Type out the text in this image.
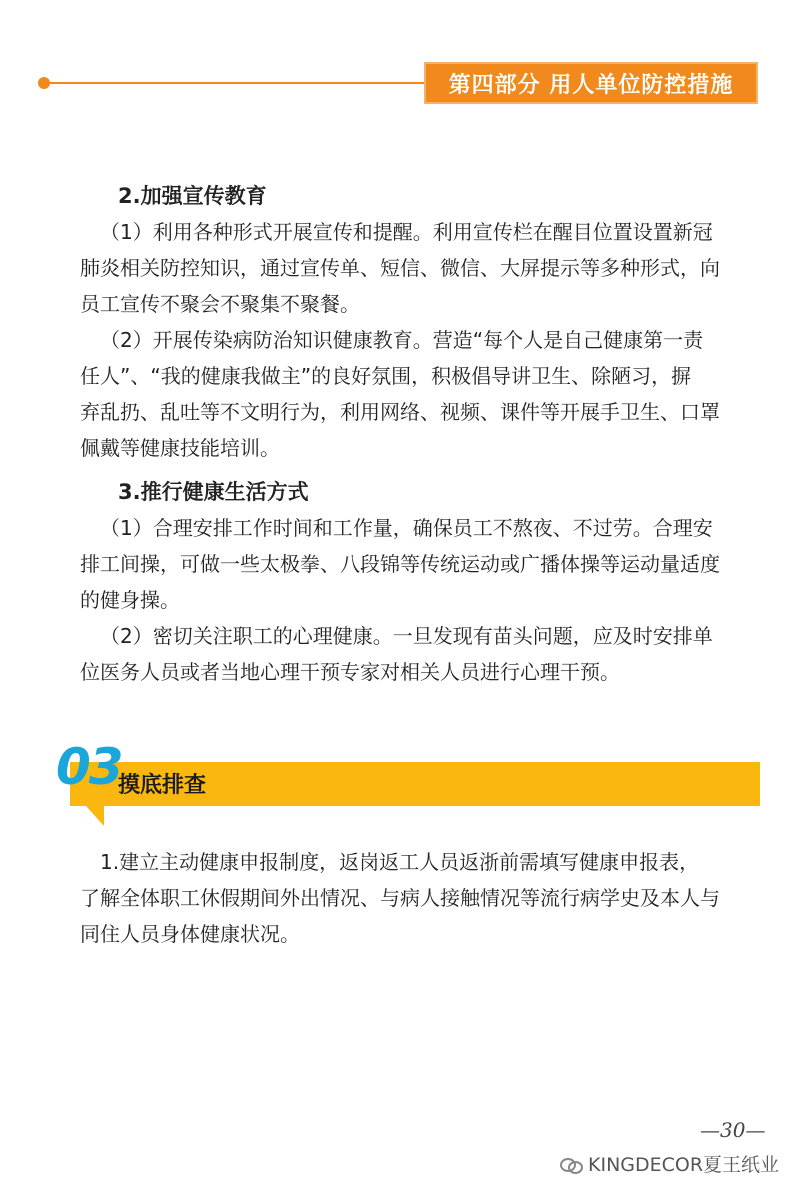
第四部分 用人单位防控措施
2.加强宣传教育

（1）利用各种形式开展宣传和提醒。利用宣传栏在醒目位置设置新冠

肺炎相关防控知识，通过宣传单、短信、微信、大屏提示等多种形式，向

员工宣传不聚会不聚集不聚餐。

（2）开展传染病防治知识健康教育。营造“每个人是自己健康第一责

任人”、“我的健康我做主”的良好氛围，积极倡导讲卫生、除陋习，摒

弃乱扔、乱吐等不文明行为，利用网络、视频、课件等开展手卫生、口罩

佩戴等健康技能培训。

3.推行健康生活方式

（1）合理安排工作时间和工作量，确保员工不熬夜、不过劳。合理安

排工间操，可做一些太极拳、八段锦等传统运动或广播体操等运动量适度

的健身操。

（2）密切关注职工的心理健康。一旦发现有苗头问题，应及时安排单

位医务人员或者当地心理干预专家对相关人员进行心理干预。

03
摸底排查

1.建立主动健康申报制度，返岗返工人员返浙前需填写健康申报表，

了解全体职工休假期间外出情况、与病人接触情况等流行病学史及本人与

同住人员身体健康状况。

—30—
KINGDECOR夏王纸业
